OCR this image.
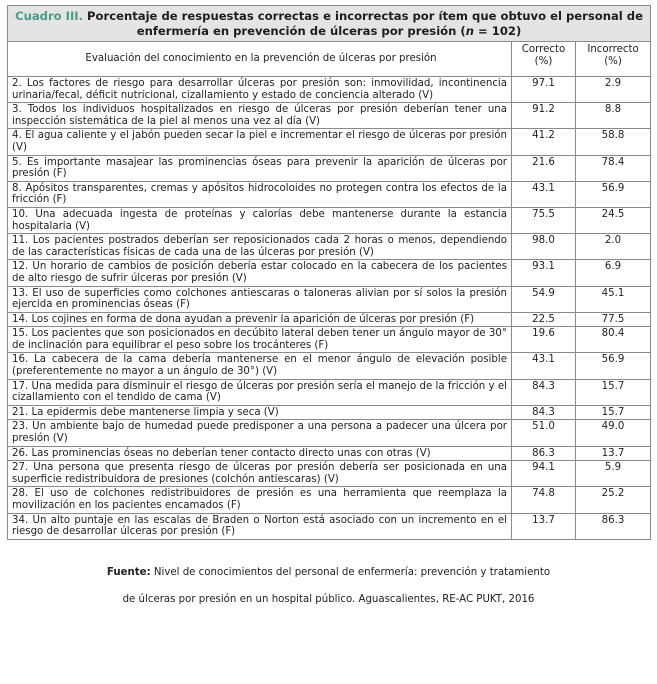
Cuadro III. Porcentaje de respuestas correctas e incorrectas por ítem que obtuvo el personal de enfermería en prevención de úlceras por presión (n = 102)		
Evaluación del conocimiento en la prevención de úlceras por presión	Correcto (%)	Incorrecto (%)
2. Los factores de riesgo para desarrollar úlceras por presión son: inmovilidad, incontinencia urinaria/fecal, déficit nutricional, cizallamiento y estado de conciencia alterado (V)	97.1	2.9
3. Todos los individuos hospitalizados en riesgo de úlceras por presión deberían tener una inspección sistemática de la piel al menos una vez al día (V)	91.2	8.8
4. El agua caliente y el jabón pueden secar la piel e incrementar el riesgo de úlceras por presión (V)	41.2	58.8
5. Es importante masajear las prominencias óseas para prevenir la aparición de úlceras por presión (F)	21.6	78.4
8. Apósitos transparentes, cremas y apósitos hidrocoloides no protegen contra los efectos de la fricción (F)	43.1	56.9
10. Una adecuada ingesta de proteínas y calorías debe mantenerse durante la estancia hospitalaria (V)	75.5	24.5
11. Los pacientes postrados deberían ser reposicionados cada 2 horas o menos, dependiendo de las características físicas de cada una de las úlceras por presión (V)	98.0	2.0
12. Un horario de cambios de posición debería estar colocado en la cabecera de los pacientes de alto riesgo de sufrir úlceras por presión (V)	93.1	6.9
13. El uso de superficies como colchones antiescaras o taloneras alivian por sí solos la presión ejercida en prominencias óseas (F)	54.9	45.1
14. Los cojines en forma de dona ayudan a prevenir la aparición de úlceras por presión (F)	22.5	77.5
15. Los pacientes que son posicionados en decúbito lateral deben tener un ángulo mayor de 30° de inclinación para equilibrar el peso sobre los trocánteres (F)	19.6	80.4
16. La cabecera de la cama debería mantenerse en el menor ángulo de elevación posible (preferentemente no mayor a un ángulo de 30°) (V)	43.1	56.9
17. Una medida para disminuir el riesgo de úlceras por presión sería el manejo de la fricción y el cizallamiento con el tendido de cama (V)	84.3	15.7
21. La epidermis debe mantenerse limpia y seca (V)	84.3	15.7
23. Un ambiente bajo de humedad puede predisponer a una persona a padecer una úlcera por presión (V)	51.0	49.0
26. Las prominencias óseas no deberían tener contacto directo unas con otras (V)	86.3	13.7
27. Una persona que presenta riesgo de úlceras por presión debería ser posicionada en una superficie redistribuidora de presiones (colchón antiescaras) (V)	94.1	5.9
28. El uso de colchones redistribuidores de presión es una herramienta que reemplaza la movilización en los pacientes encamados (F)	74.8	25.2
34. Un alto puntaje en las escalas de Braden o Norton está asociado con un incremento en el riesgo de desarrollar úlceras por presión (F)	13.7	86.3
Fuente: Nivel de conocimientos del personal de enfermería: prevención y tratamiento
de úlceras por presión en un hospital público. Aguascalientes, RE-AC PUKT, 2016
